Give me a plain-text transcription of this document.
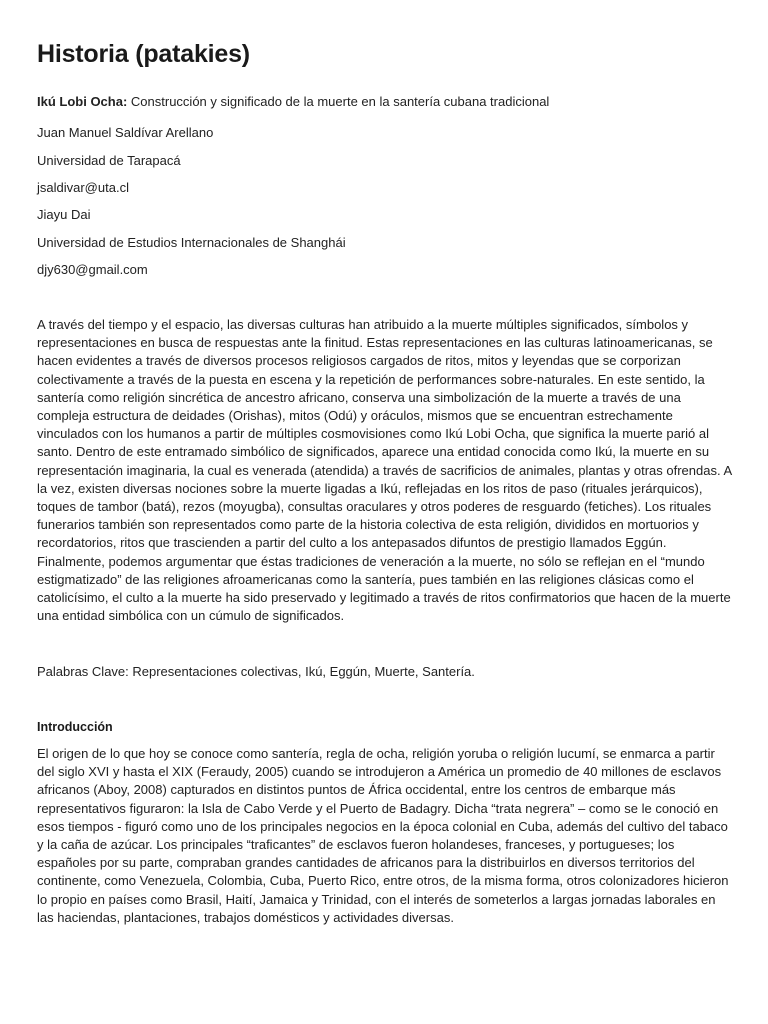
Historia (patakies)

Ikú Lobi Ocha: Construcción y significado de la muerte en la santería cubana tradicional

Juan Manuel Saldívar Arellano

Universidad de Tarapacá

jsaldivar@uta.cl

Jiayu Dai

Universidad de Estudios Internacionales de Shanghái

djy630@gmail.com

A través del tiempo y el espacio, las diversas culturas han atribuido a la muerte múltiples significados, símbolos y representaciones en busca de respuestas ante la finitud. Estas representaciones en las culturas latinoamericanas, se hacen evidentes a través de diversos procesos religiosos cargados de ritos, mitos y leyendas que se corporizan colectivamente a través de la puesta en escena y la repetición de performances sobre-naturales. En este sentido, la santería como religión sincrética de ancestro africano, conserva una simbolización de la muerte a través de una compleja estructura de deidades (Orishas), mitos (Odú) y oráculos, mismos que se encuentran estrechamente vinculados con los humanos a partir de múltiples cosmovisiones como Ikú Lobi Ocha, que significa la muerte parió al santo. Dentro de este entramado simbólico de significados, aparece una entidad conocida como Ikú, la muerte en su representación imaginaria, la cual es venerada (atendida) a través de sacrificios de animales, plantas y otras ofrendas. A la vez, existen diversas nociones sobre la muerte ligadas a Ikú, reflejadas en los ritos de paso (rituales jerárquicos), toques de tambor (batá), rezos (moyugba), consultas oraculares y otros poderes de resguardo (fetiches). Los rituales funerarios también son representados como parte de la historia colectiva de esta religión, divididos en mortuorios y recordatorios, ritos que trascienden a partir del culto a los antepasados difuntos de prestigio llamados Eggún. Finalmente, podemos argumentar que éstas tradiciones de veneración a la muerte, no sólo se reflejan en el “mundo estigmatizado” de las religiones afroamericanas como la santería, pues también en las religiones clásicas como el catolicísimo, el culto a la muerte ha sido preservado y legitimado a través de ritos confirmatorios que hacen de la muerte una entidad simbólica con un cúmulo de significados.

Palabras Clave: Representaciones colectivas, Ikú, Eggún, Muerte, Santería.

Introducción

El origen de lo que hoy se conoce como santería, regla de ocha, religión yoruba o religión lucumí, se enmarca a partir del siglo XVI y hasta el XIX (Feraudy, 2005) cuando se introdujeron a América un promedio de 40 millones de esclavos africanos (Aboy, 2008) capturados en distintos puntos de África occidental, entre los centros de embarque más representativos figuraron: la Isla de Cabo Verde y el Puerto de Badagry. Dicha “trata negrera” – como se le conoció en esos tiempos - figuró como uno de los principales negocios en la época colonial en Cuba, además del cultivo del tabaco y la caña de azúcar. Los principales “traficantes” de esclavos fueron holandeses, franceses, y portugueses; los españoles por su parte, compraban grandes cantidades de africanos para la distribuirlos en diversos territorios del continente, como Venezuela, Colombia, Cuba, Puerto Rico, entre otros, de la misma forma, otros colonizadores hicieron lo propio en países como Brasil, Haití, Jamaica y Trinidad, con el interés de someterlos a largas jornadas laborales en las haciendas, plantaciones, trabajos domésticos y actividades diversas.
